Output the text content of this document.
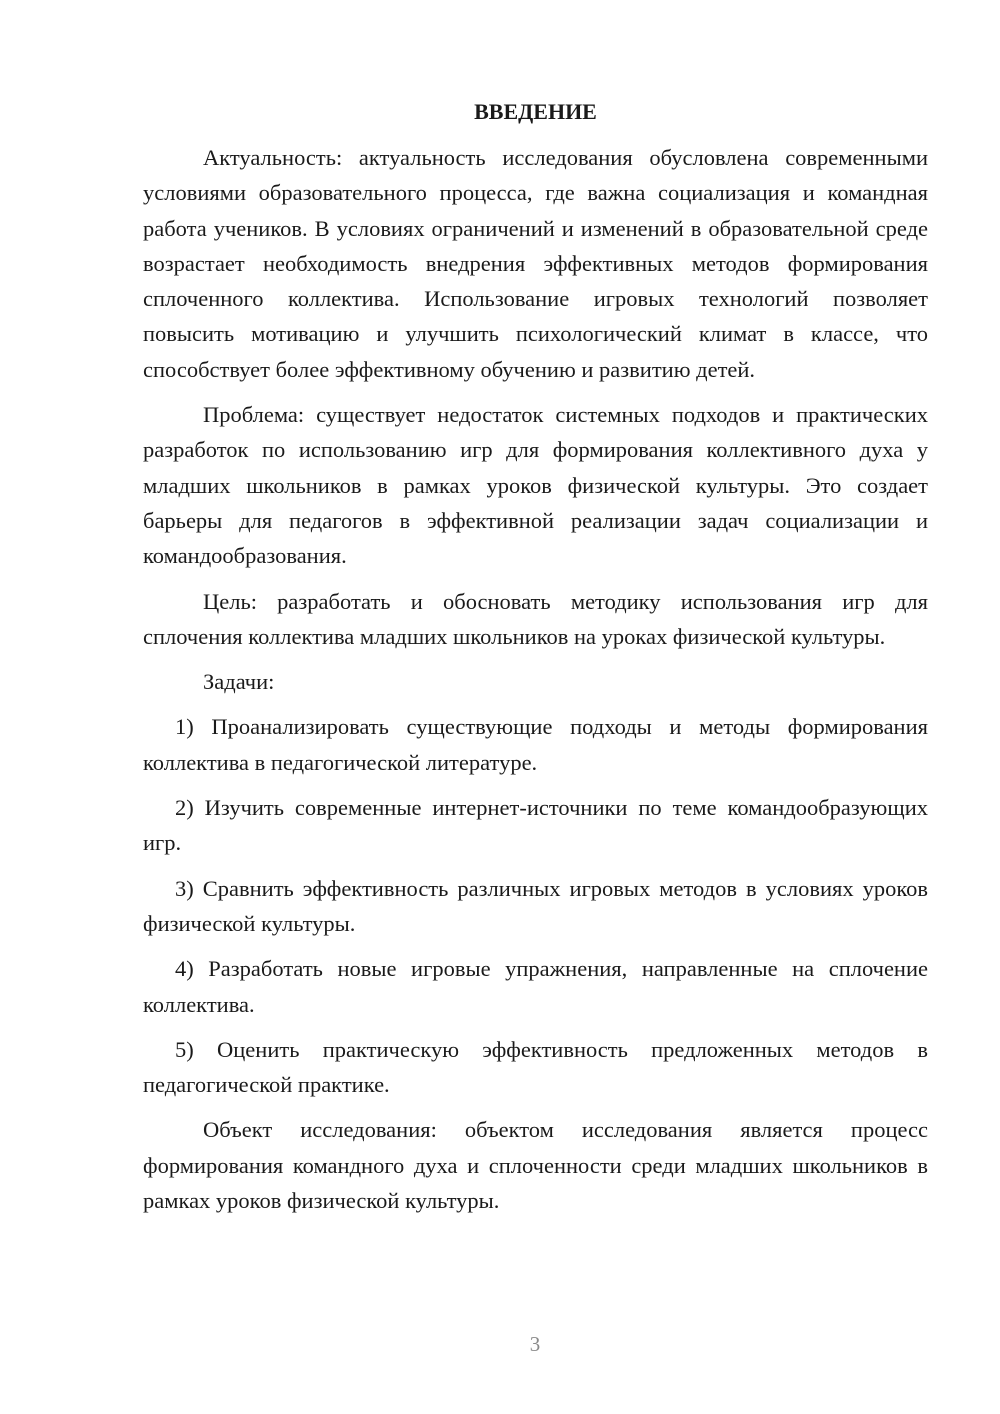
ВВЕДЕНИЕ

Актуальность: актуальность исследования обусловлена современными условиями образовательного процесса, где важна социализация и командная работа учеников. В условиях ограничений и изменений в образовательной среде возрастает необходимость внедрения эффективных методов формирования сплоченного коллектива. Использование игровых технологий позволяет повысить мотивацию и улучшить психологический климат в классе, что способствует более эффективному обучению и развитию детей.

Проблема: существует недостаток системных подходов и практических разработок по использованию игр для формирования коллективного духа у младших школьников в рамках уроков физической культуры. Это создает барьеры для педагогов в эффективной реализации задач социализации и командообразования.

Цель: разработать и обосновать методику использования игр для сплочения коллектива младших школьников на уроках физической культуры.

Задачи:

1) Проанализировать существующие подходы и методы формирования коллектива в педагогической литературе.

2) Изучить современные интернет-источники по теме командообразующих игр.

3) Сравнить эффективность различных игровых методов в условиях уроков физической культуры.

4) Разработать новые игровые упражнения, направленные на сплочение коллектива.

5) Оценить практическую эффективность предложенных методов в педагогической практике.

Объект исследования: объектом исследования является процесс формирования командного духа и сплоченности среди младших школьников в рамках уроков физической культуры.

3
